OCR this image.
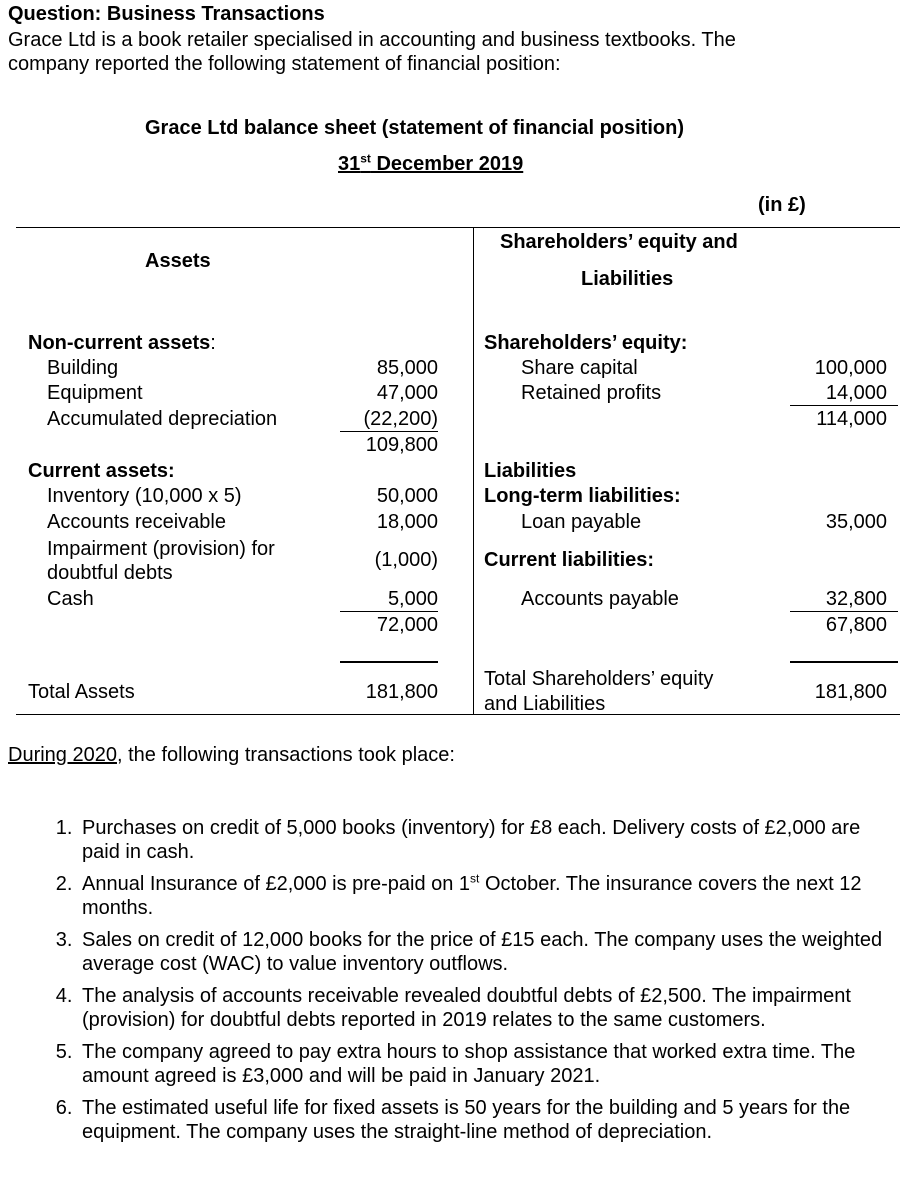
Question: Business Transactions
Grace Ltd is a book retailer specialised in accounting and business textbooks. The
company reported the following statement of financial position:
Grace Ltd balance sheet (statement of financial position)
31st December 2019
(in £)
Assets
Shareholders’ equity and
Liabilities
Non-current assets:
Building	85,000
Equipment	47,000
Accumulated depreciation	(22,200)
109,800
Current assets:
Inventory (10,000 x 5)	50,000
Accounts receivable	18,000
Impairment (provision) for
doubtful debts
(1,000)
Cash	5,000
72,000
Total Assets	181,800
Shareholders’ equity:
Share capital	100,000
Retained profits	14,000
114,000
Liabilities
Long-term liabilities:
Loan payable	35,000
Current liabilities:
Accounts payable	32,800
67,800
Total Shareholders’ equity
and Liabilities
181,800
During 2020, the following transactions took place:
1. Purchases on credit of 5,000 books (inventory) for £8 each. Delivery costs of £2,000 are paid in cash.
2. Annual Insurance of £2,000 is pre-paid on 1st October. The insurance covers the next 12 months.
3. Sales on credit of 12,000 books for the price of £15 each. The company uses the weighted average cost (WAC) to value inventory outflows.
4. The analysis of accounts receivable revealed doubtful debts of £2,500. The impairment (provision) for doubtful debts reported in 2019 relates to the same customers.
5. The company agreed to pay extra hours to shop assistance that worked extra time. The amount agreed is £3,000 and will be paid in January 2021.
6. The estimated useful life for fixed assets is 50 years for the building and 5 years for the equipment. The company uses the straight-line method of depreciation.
